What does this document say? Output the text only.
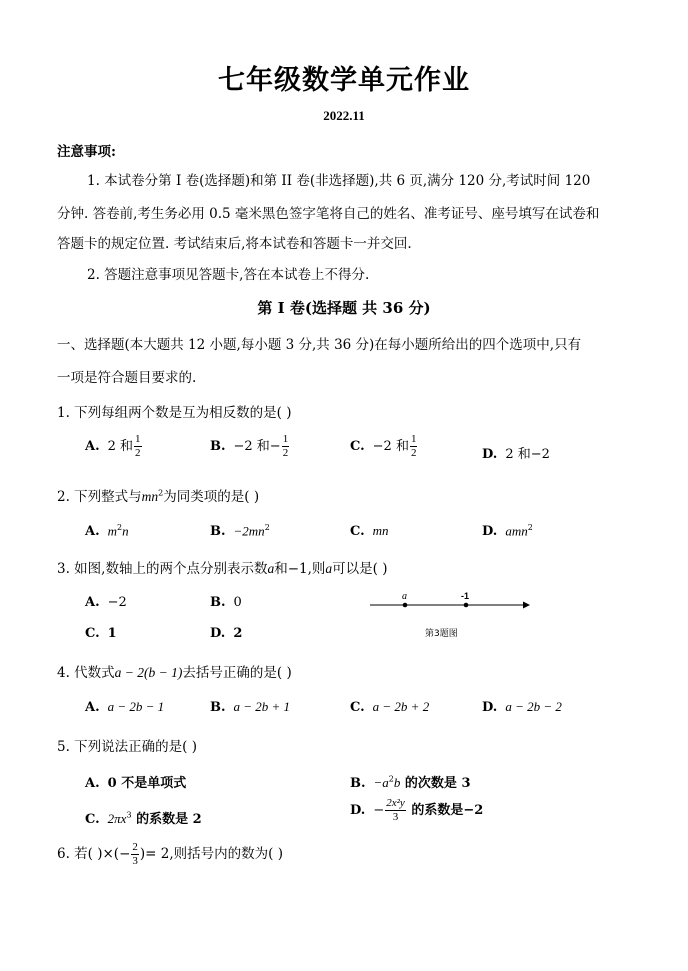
七年级数学单元作业
2022.11
注意事项:
1. 本试卷分第 I 卷(选择题)和第 II 卷(非选择题),共 6 页,满分 120 分,考试时间 120
分钟. 答卷前,考生务必用 0.5 毫米黑色签字笔将自己的姓名、准考证号、座号填写在试卷和
答题卡的规定位置. 考试结束后,将本试卷和答题卡一并交回.
2. 答题注意事项见答题卡,答在本试卷上不得分.
第 I 卷(选择题 共 36 分)
一、选择题(本大题共 12 小题,每小题 3 分,共 36 分)在每小题所给出的四个选项中,只有
一项是符合题目要求的.
1. 下列每组两个数是互为相反数的是( )
A. 2 和 $\frac{1}{2}$	B. −2 和− $\frac{1}{2}$	C. −2 和 $\frac{1}{2}$	D. 2 和−2
2. 下列整式与$mn^2$为同类项的是( )
A. $m^2n$	B. $-2mn^2$	C. mn	D. amn$^2$
3. 如图,数轴上的两个点分别表示数a和−1,则a可以是( )
A. −2	B. 0
C. 1	D. 2
a	-1
第3题图
4. 代数式a − 2(b − 1)去括号正确的是( )
A. a − 2b − 1	B. a − 2b + 1	C. a − 2b + 2	D. a − 2b − 2
5. 下列说法正确的是( )
A. 0 不是单项式	B. $-a^2b$ 的次数是 3
C. $2\pi x^3$ 的系数是 2
D. − $\frac{\text{2x²y}}{3}$ 的系数是−2
6. 若( )×(− $\frac{2}{3}$ )= 2,则括号内的数为( )
